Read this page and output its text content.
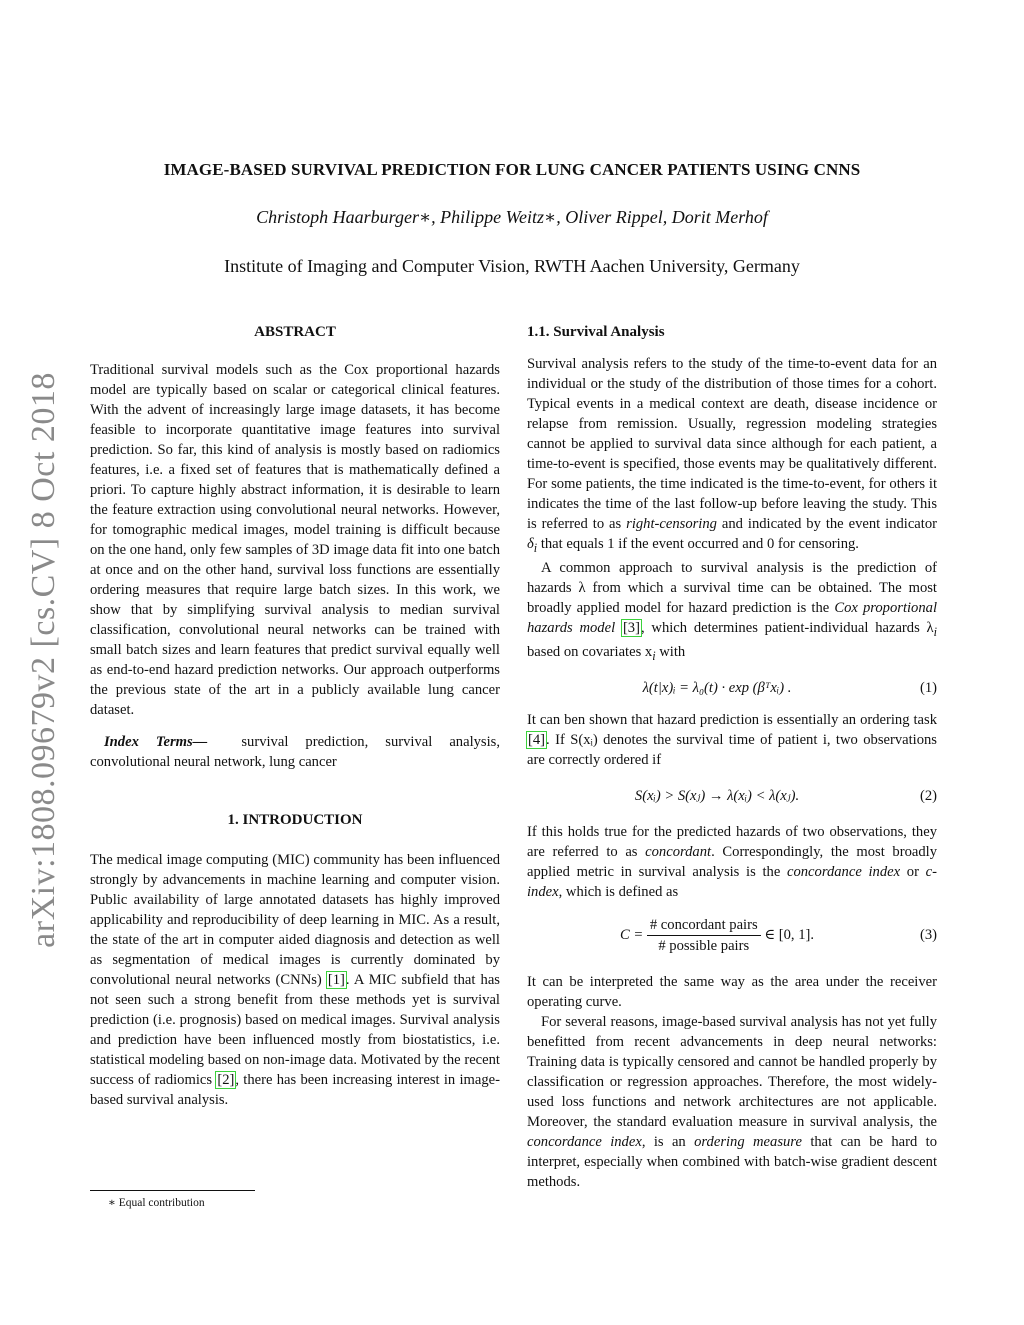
arXiv:1808.09679v2 [cs.CV] 8 Oct 2018
IMAGE-BASED SURVIVAL PREDICTION FOR LUNG CANCER PATIENTS USING CNNS
Christoph Haarburger∗, Philippe Weitz∗, Oliver Rippel, Dorit Merhof
Institute of Imaging and Computer Vision, RWTH Aachen University, Germany
ABSTRACT

Traditional survival models such as the Cox proportional hazards model are typically based on scalar or categorical clinical features. With the advent of increasingly large image datasets, it has become feasible to incorporate quantitative image features into survival prediction. So far, this kind of analysis is mostly based on radiomics features, i.e. a fixed set of features that is mathematically defined a priori. To capture highly abstract information, it is desirable to learn the feature extraction using convolutional neural networks. However, for tomographic medical images, model training is difficult because on the one hand, only few samples of 3D image data fit into one batch at once and on the other hand, survival loss functions are essentially ordering measures that require large batch sizes. In this work, we show that by simplifying survival analysis to median survival classification, convolutional neural networks can be trained with small batch sizes and learn features that predict survival equally well as end-to-end hazard prediction networks. Our approach outperforms the previous state of the art in a publicly available lung cancer dataset.

Index Terms— survival prediction, survival analysis, convolutional neural network, lung cancer

1. INTRODUCTION

The medical image computing (MIC) community has been influenced strongly by advancements in machine learning and computer vision. Public availability of large annotated datasets has highly improved applicability and reproducibility of deep learning in MIC. As a result, the state of the art in computer aided diagnosis and detection as well as segmentation of medical images is currently dominated by convolutional neural networks (CNNs) [1]. A MIC subfield that has not seen such a strong benefit from these methods yet is survival prediction (i.e. prognosis) based on medical images. Survival analysis and prediction have been influenced mostly from biostatistics, i.e. statistical modeling based on non-image data. Motivated by the recent success of radiomics [2], there has been increasing interest in image-based survival analysis.

∗ Equal contribution
1.1. Survival Analysis

Survival analysis refers to the study of the time-to-event data for an individual or the study of the distribution of those times for a cohort. Typical events in a medical context are death, disease incidence or relapse from remission. Usually, regression modeling strategies cannot be applied to survival data since although for each patient, a time-to-event is specified, those events may be qualitatively different. For some patients, the time indicated is the time-to-event, for others it indicates the time of the last follow-up before leaving the study. This is referred to as right-censoring and indicated by the event indicator $\delta_i$ that equals 1 if the event occurred and 0 for censoring.

A common approach to survival analysis is the prediction of hazards λ from which a survival time can be obtained. The most broadly applied model for hazard prediction is the Cox proportional hazards model [3], which determines patient-individual hazards $\lambda_i$ based on covariates $x_i$ with

λ(t|x)ᵢ = λ₀(t) · exp (βᵀxᵢ) .	(1)

It can ben shown that hazard prediction is essentially an ordering task [4]. If S(xᵢ) denotes the survival time of patient i, two observations are correctly ordered if

S(xᵢ) > S(xⱼ) → λ(xᵢ) < λ(xⱼ).	(2)

If this holds true for the predicted hazards of two observations, they are referred to as concordant. Correspondingly, the most broadly applied metric in survival analysis is the concordance index or c-index, which is defined as

$C = \frac{\text{\# concordant pairs}}{\text{\# possible pairs}}$ ∈ [0, 1].	(3)

It can be interpreted the same way as the area under the receiver operating curve.

For several reasons, image-based survival analysis has not yet fully benefitted from recent advancements in deep neural networks: Training data is typically censored and cannot be handled properly by classification or regression approaches. Therefore, the most widely-used loss functions and network architectures are not applicable. Moreover, the standard evaluation measure in survival analysis, the concordance index, is an ordering measure that can be hard to interpret, especially when combined with batch-wise gradient descent methods.
